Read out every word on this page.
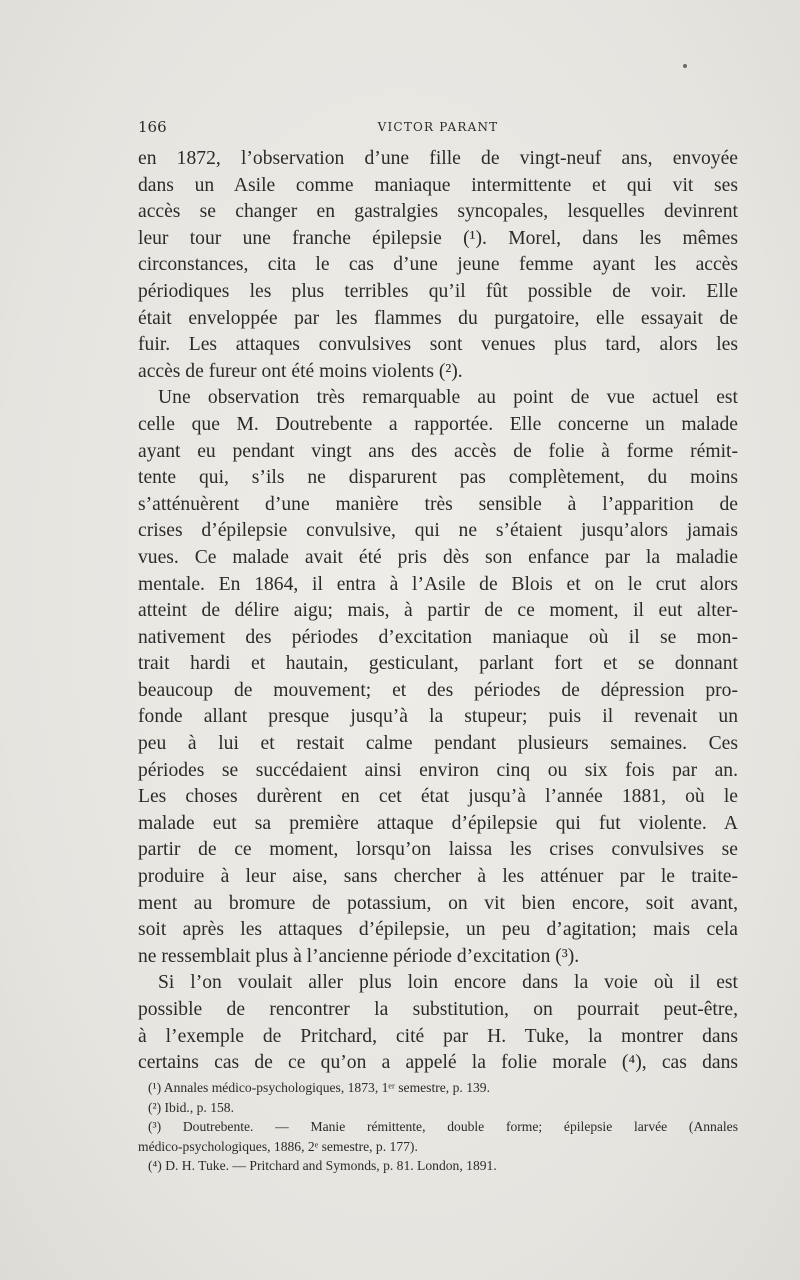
166	VICTOR PARANT
en 1872, l’observation d’une fille de vingt-neuf ans, envoyée
dans un Asile comme maniaque intermittente et qui vit ses
accès se changer en gastralgies syncopales, lesquelles devinrent
leur tour une franche épilepsie (¹). Morel, dans les mêmes
circonstances, cita le cas d’une jeune femme ayant les accès
périodiques les plus terribles qu’il fût possible de voir. Elle
était enveloppée par les flammes du purgatoire, elle essayait de
fuir. Les attaques convulsives sont venues plus tard, alors les
accès de fureur ont été moins violents (²).
Une observation très remarquable au point de vue actuel est
celle que M. Doutrebente a rapportée. Elle concerne un malade
ayant eu pendant vingt ans des accès de folie à forme rémit-
tente qui, s’ils ne disparurent pas complètement, du moins
s’atténuèrent d’une manière très sensible à l’apparition de
crises d’épilepsie convulsive, qui ne s’étaient jusqu’alors jamais
vues. Ce malade avait été pris dès son enfance par la maladie
mentale. En 1864, il entra à l’Asile de Blois et on le crut alors
atteint de délire aigu; mais, à partir de ce moment, il eut alter-
nativement des périodes d’excitation maniaque où il se mon-
trait hardi et hautain, gesticulant, parlant fort et se donnant
beaucoup de mouvement; et des périodes de dépression pro-
fonde allant presque jusqu’à la stupeur; puis il revenait un
peu à lui et restait calme pendant plusieurs semaines. Ces
périodes se succédaient ainsi environ cinq ou six fois par an.
Les choses durèrent en cet état jusqu’à l’année 1881, où le
malade eut sa première attaque d’épilepsie qui fut violente. A
partir de ce moment, lorsqu’on laissa les crises convulsives se
produire à leur aise, sans chercher à les atténuer par le traite-
ment au bromure de potassium, on vit bien encore, soit avant,
soit après les attaques d’épilepsie, un peu d’agitation; mais cela
ne ressemblait plus à l’ancienne période d’excitation (³).
Si l’on voulait aller plus loin encore dans la voie où il est
possible de rencontrer la substitution, on pourrait peut-être,
à l’exemple de Pritchard, cité par H. Tuke, la montrer dans
certains cas de ce qu’on a appelé la folie morale (⁴), cas dans
(¹) Annales médico-psychologiques, 1873, 1ᵉʳ semestre, p. 139.
(²) Ibid., p. 158.
(³) Doutrebente. — Manie rémittente, double forme; épilepsie larvée (Annales
médico-psychologiques, 1886, 2ᵉ semestre, p. 177).
(⁴) D. H. Tuke. — Pritchard and Symonds, p. 81. London, 1891.
